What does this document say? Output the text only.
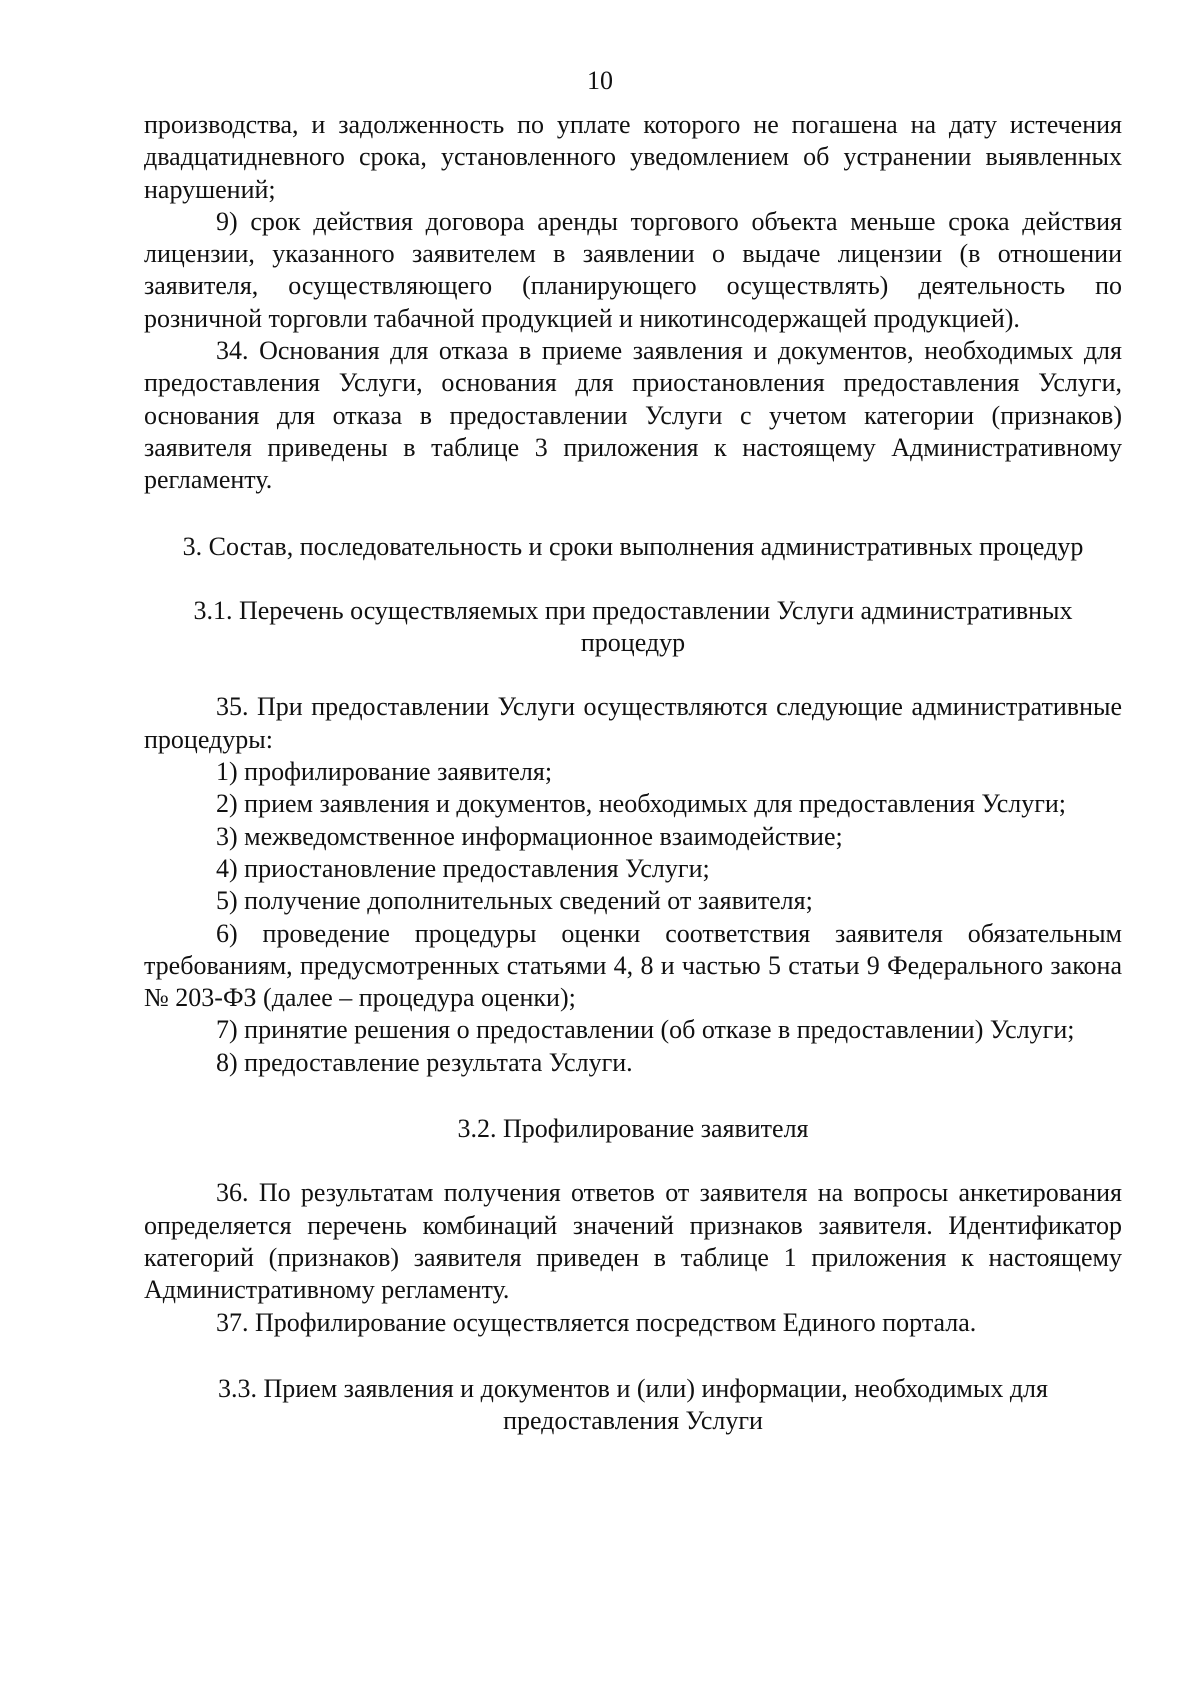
10

производства, и задолженность по уплате которого не погашена на дату истечения двадцатидневного срока, установленного уведомлением об устранении выявленных нарушений;

9) срок действия договора аренды торгового объекта меньше срока действия лицензии, указанного заявителем в заявлении о выдаче лицензии (в отношении заявителя, осуществляющего (планирующего осуществлять) деятельность по розничной торговли табачной продукцией и никотинсодержащей продукцией).

34. Основания для отказа в приеме заявления и документов, необходимых для предоставления Услуги, основания для приостановления предоставления Услуги, основания для отказа в предоставлении Услуги с учетом категории (признаков) заявителя приведены в таблице 3 приложения к настоящему Административному регламенту.

3. Состав, последовательность и сроки выполнения административных процедур
3.1. Перечень осуществляемых при предоставлении Услуги административных процедур

35. При предоставлении Услуги осуществляются следующие административные процедуры:

1) профилирование заявителя;

2) прием заявления и документов, необходимых для предоставления Услуги;

3) межведомственное информационное взаимодействие;

4) приостановление предоставления Услуги;

5) получение дополнительных сведений от заявителя;

6) проведение процедуры оценки соответствия заявителя обязательным требованиям, предусмотренных статьями 4, 8 и частью 5 статьи 9 Федерального закона № 203-ФЗ (далее – процедура оценки);

7) принятие решения о предоставлении (об отказе в предоставлении) Услуги;

8) предоставление результата Услуги.

3.2. Профилирование заявителя

36. По результатам получения ответов от заявителя на вопросы анкетирования определяется перечень комбинаций значений признаков заявителя. Идентификатор категорий (признаков) заявителя приведен в таблице 1 приложения к настоящему Административному регламенту.

37. Профилирование осуществляется посредством Единого портала.

3.3. Прием заявления и документов и (или) информации, необходимых для предоставления Услуги
